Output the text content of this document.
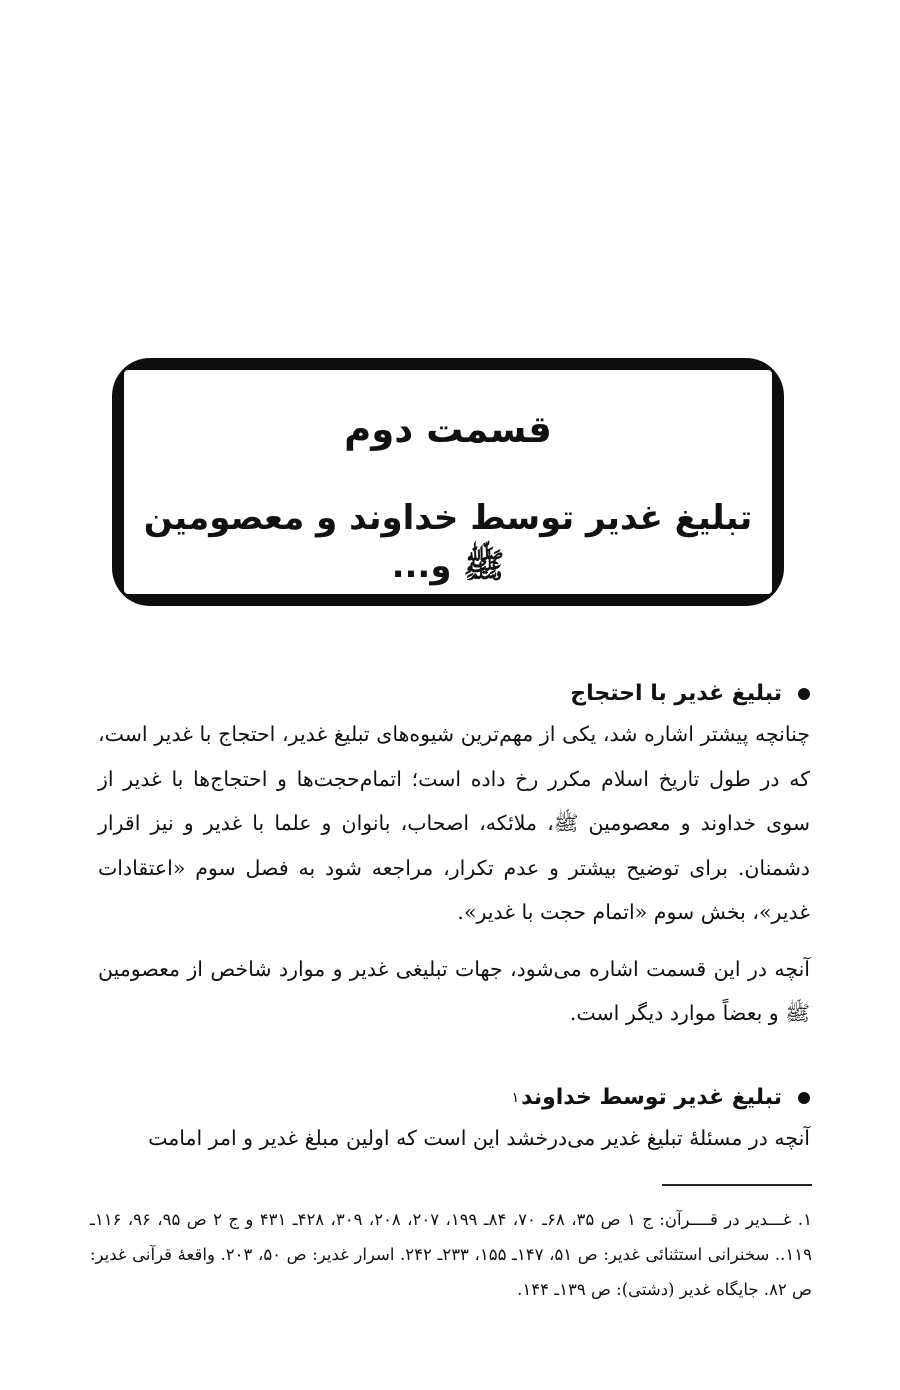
قسمت دوم
تبلیغ غدیر توسط خداوند و معصومین ﷺ و...
تبلیغ غدیر با احتجاج

چنانچه پیشتر اشاره شد، یکی از مهم‌ترین شیوه‌های تبلیغ غدیر، احتجاج با غدیر است، که در طول تاریخ اسلام مکرر رخ داده است؛ اتمام‌حجت‌ها و احتجاج‌ها با غدیر از سوی خداوند و معصومین ﷺ، ملائکه، اصحاب، بانوان و علما با غدیر و نیز اقرار دشمنان. برای توضیح بیشتر و عدم تکرار، مراجعه شود به فصل سوم «اعتقادات غدیر»، بخش سوم «اتمام حجت با غدیر».

آنچه در این قسمت اشاره می‌شود، جهات تبلیغی غدیر و موارد شاخص از معصومین ﷺ و بعضاً موارد دیگر است.

تبلیغ غدیر توسط خداوند
۱

آنچه در مسئلۀ تبلیغ غدیر می‌درخشد این است که اولین مبلغ غدیر و امر امامت

۱. غـــدیر در قــــرآن: ج ۱ ص ۳۵، ۶۸ـ ۷۰، ۸۴ـ ۱۹۹، ۲۰۷، ۲۰۸، ۳۰۹، ۴۲۸ـ ۴۳۱ و ج ۲ ص ۹۵، ۹۶، ۱۱۶ـ ۱۱۹.. سخنرانی استثنائی غدیر: ص ۵۱، ۱۴۷ـ ۱۵۵، ۲۳۳ـ ۲۴۲. اسرار غدیر: ص ۵۰، ۲۰۳. واقعۀ قرآنی غدیر: ص ۸۲. جایگاه غدیر (دشتی): ص ۱۳۹ـ ۱۴۴.
